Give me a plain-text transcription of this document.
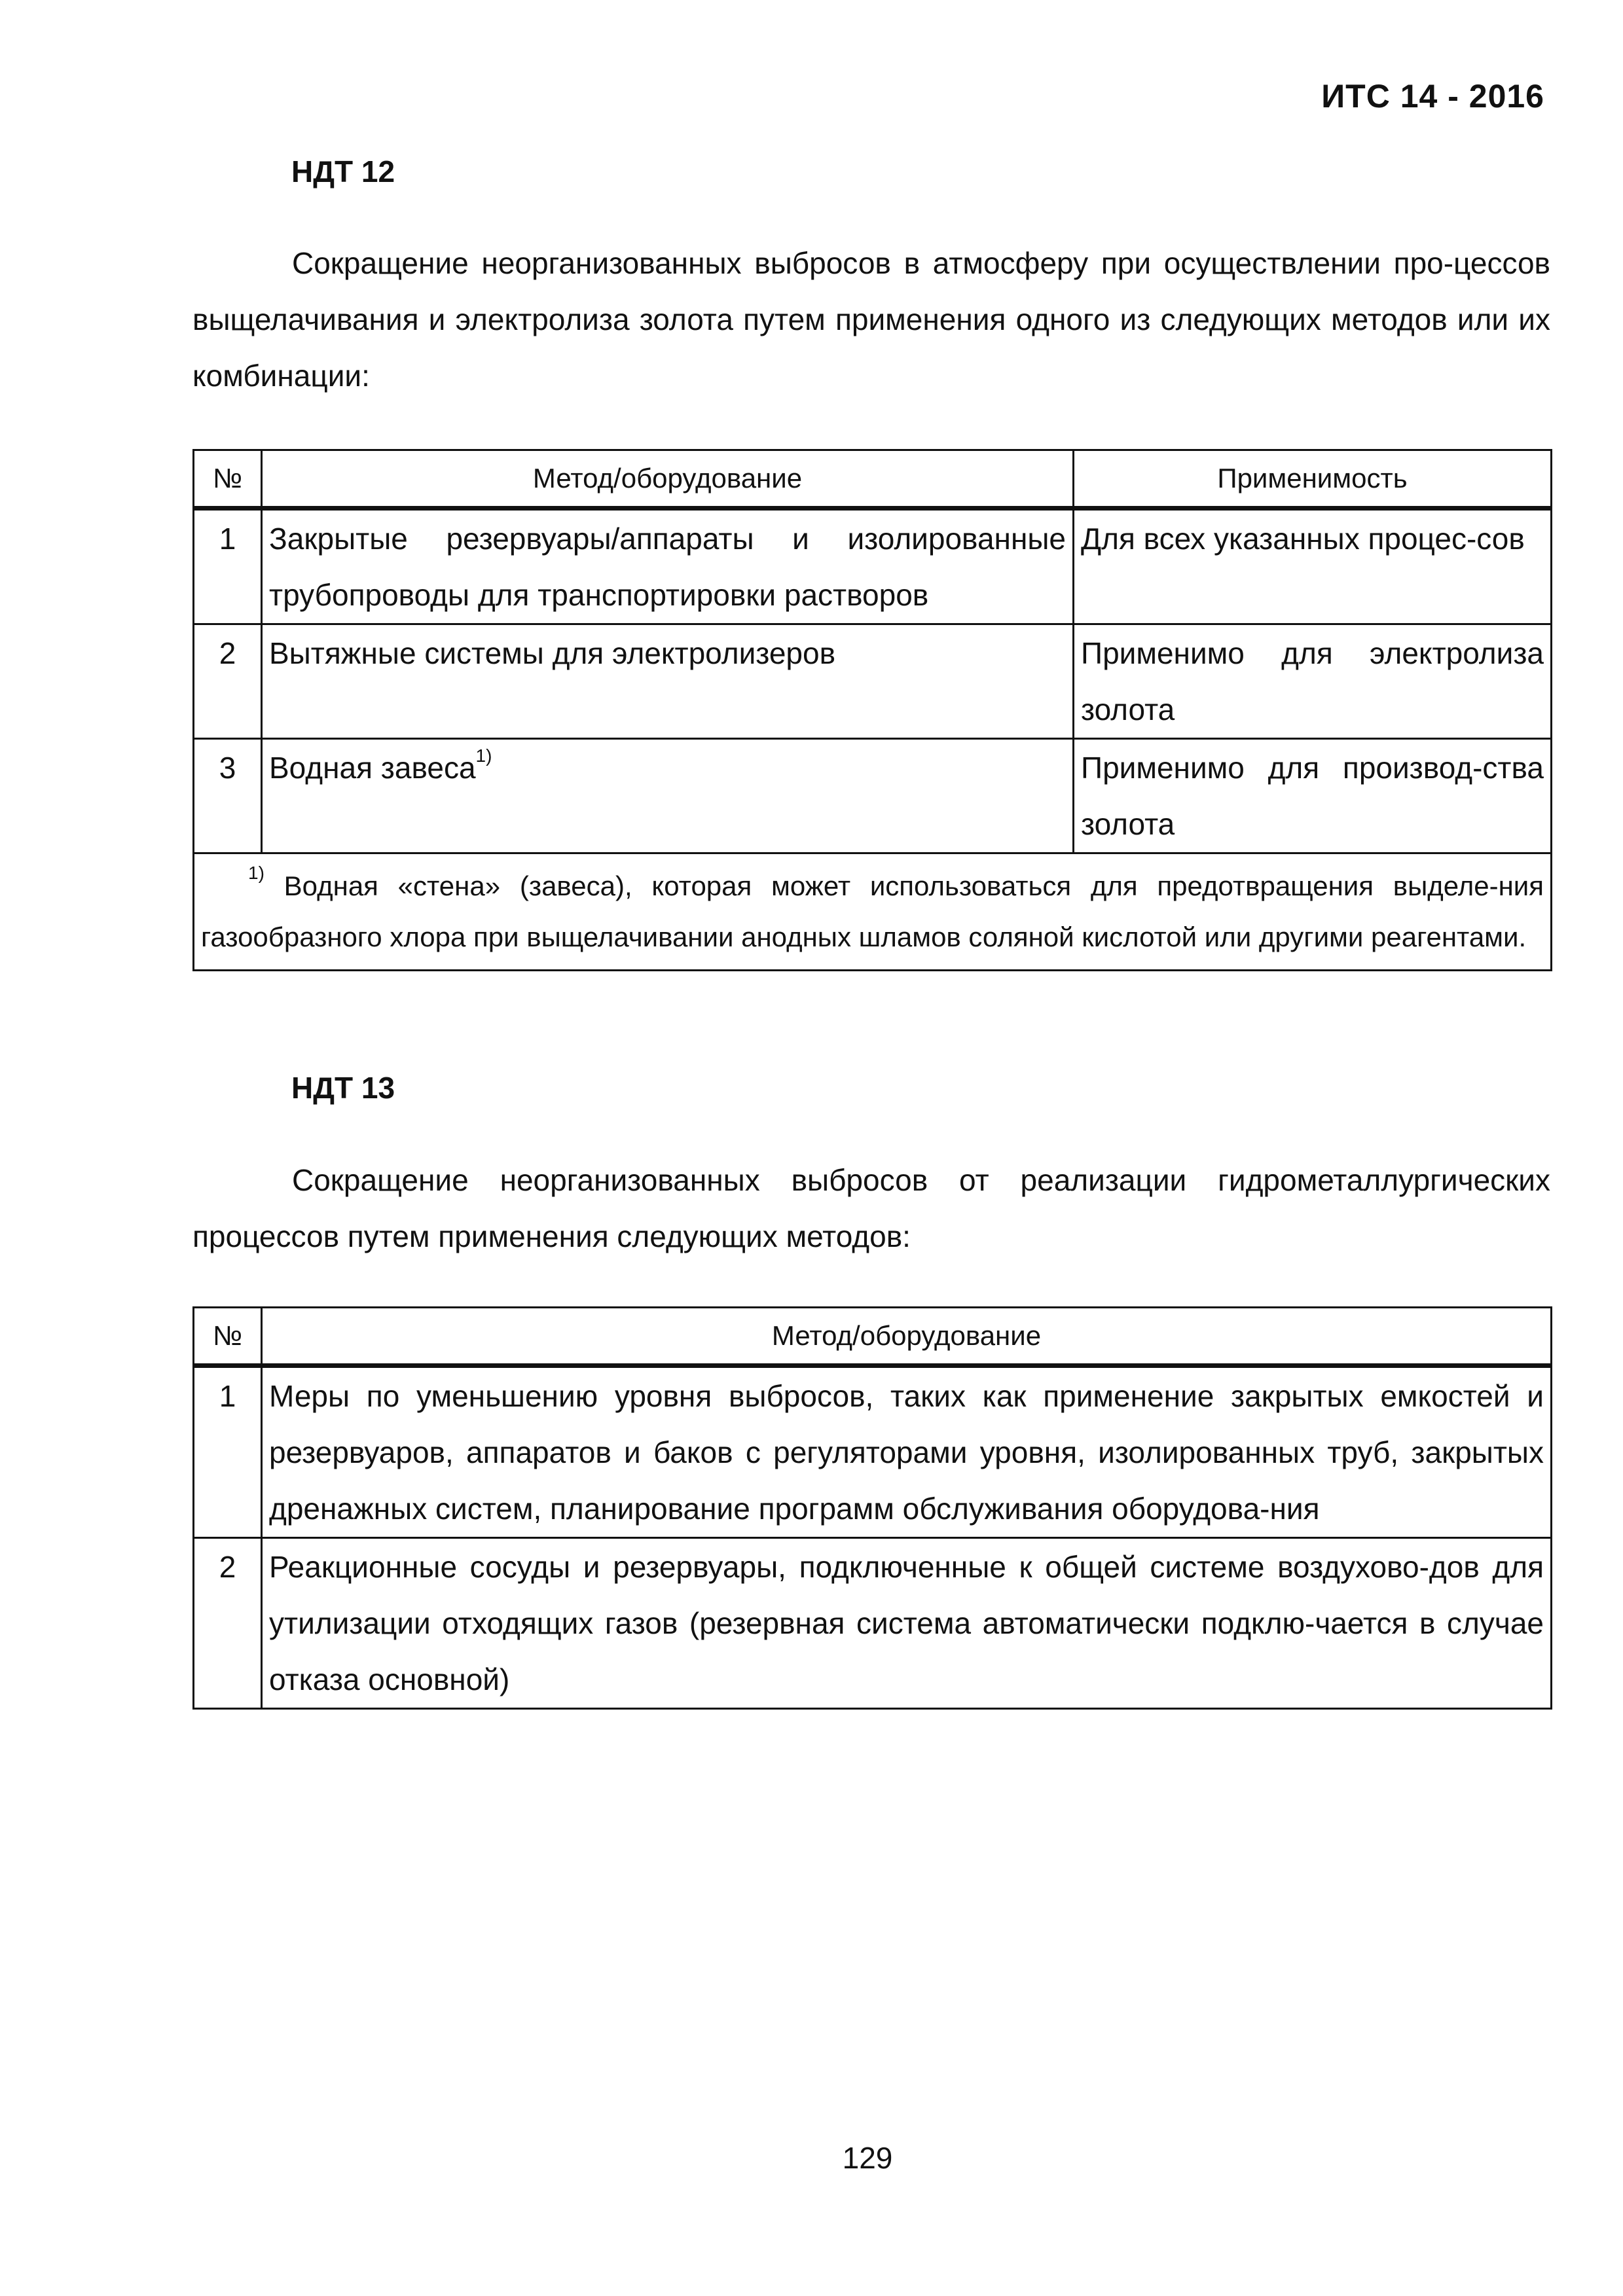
ИТС 14 - 2016
НДТ 12

Сокращение неорганизованных выбросов в атмосферу при осуществлении про-цессов выщелачивания и электролиза золота путем применения одного из следующих методов или их комбинации:

№	Метод/оборудование	Применимость
1	Закрытые резервуары/аппараты и изолированные трубопроводы для транспортировки растворов	Для всех указанных процес-сов
2	Вытяжные системы для электролизеров	Применимо для электролиза золота
3	Водная завеса$^{1)}$	Применимо для производ-ства золота
$^{1)}$ Водная «стена» (завеса), которая может использоваться для предотвращения выделе-ния газообразного хлора при выщелачивании анодных шламов соляной кислотой или другими реагентами.		
НДТ 13

Сокращение неорганизованных выбросов от реализации гидрометаллургических процессов путем применения следующих методов:

№	Метод/оборудование
1	Меры по уменьшению уровня выбросов, таких как применение закрытых емкостей и резервуаров, аппаратов и баков с регуляторами уровня, изолированных труб, закрытых дренажных систем, планирование программ обслуживания оборудова-ния
2	Реакционные сосуды и резервуары, подключенные к общей системе воздухово-дов для утилизации отходящих газов (резервная система автоматически подклю-чается в случае отказа основной)
129
